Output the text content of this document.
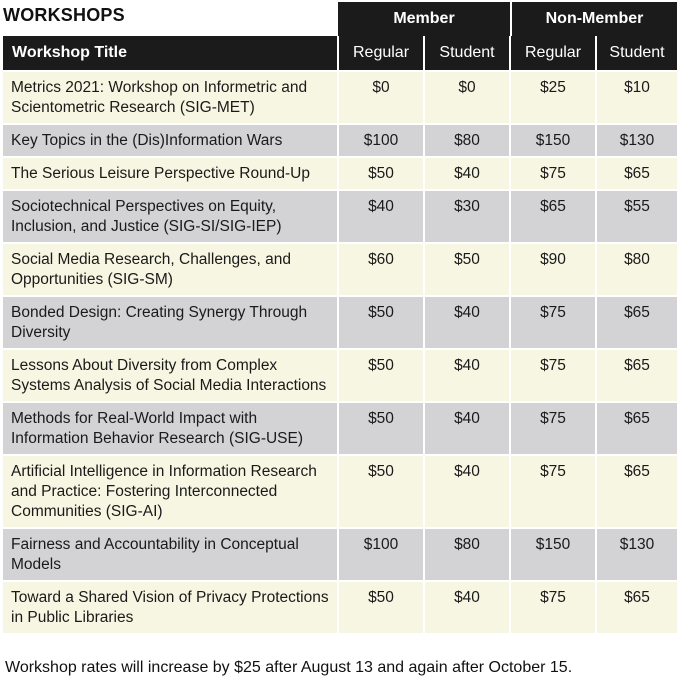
WORKSHOPS	Member	Non-Member
Workshop Title	Regular	Student	Regular	Student
Metrics 2021: Workshop on Informetric and Scientometric Research (SIG-MET)	$0	$0	$25	$10
Key Topics in the (Dis)Information Wars	$100	$80	$150	$130
The Serious Leisure Perspective Round-Up	$50	$40	$75	$65
Sociotechnical Perspectives on Equity, Inclusion, and Justice (SIG-SI/SIG-IEP)	$40	$30	$65	$55
Social Media Research, Challenges, and Opportunities (SIG-SM)	$60	$50	$90	$80
Bonded Design: Creating Synergy Through Diversity	$50	$40	$75	$65
Lessons About Diversity from Complex Systems Analysis of Social Media Interactions	$50	$40	$75	$65
Methods for Real-World Impact with Information Behavior Research (SIG-USE)	$50	$40	$75	$65
Artificial Intelligence in Information Research and Practice: Fostering Interconnected Communities (SIG-AI)	$50	$40	$75	$65
Fairness and Accountability in Conceptual Models	$100	$80	$150	$130
Toward a Shared Vision of Privacy Protections in Public Libraries	$50	$40	$75	$65
Workshop rates will increase by $25 after August 13 and again after October 15.
